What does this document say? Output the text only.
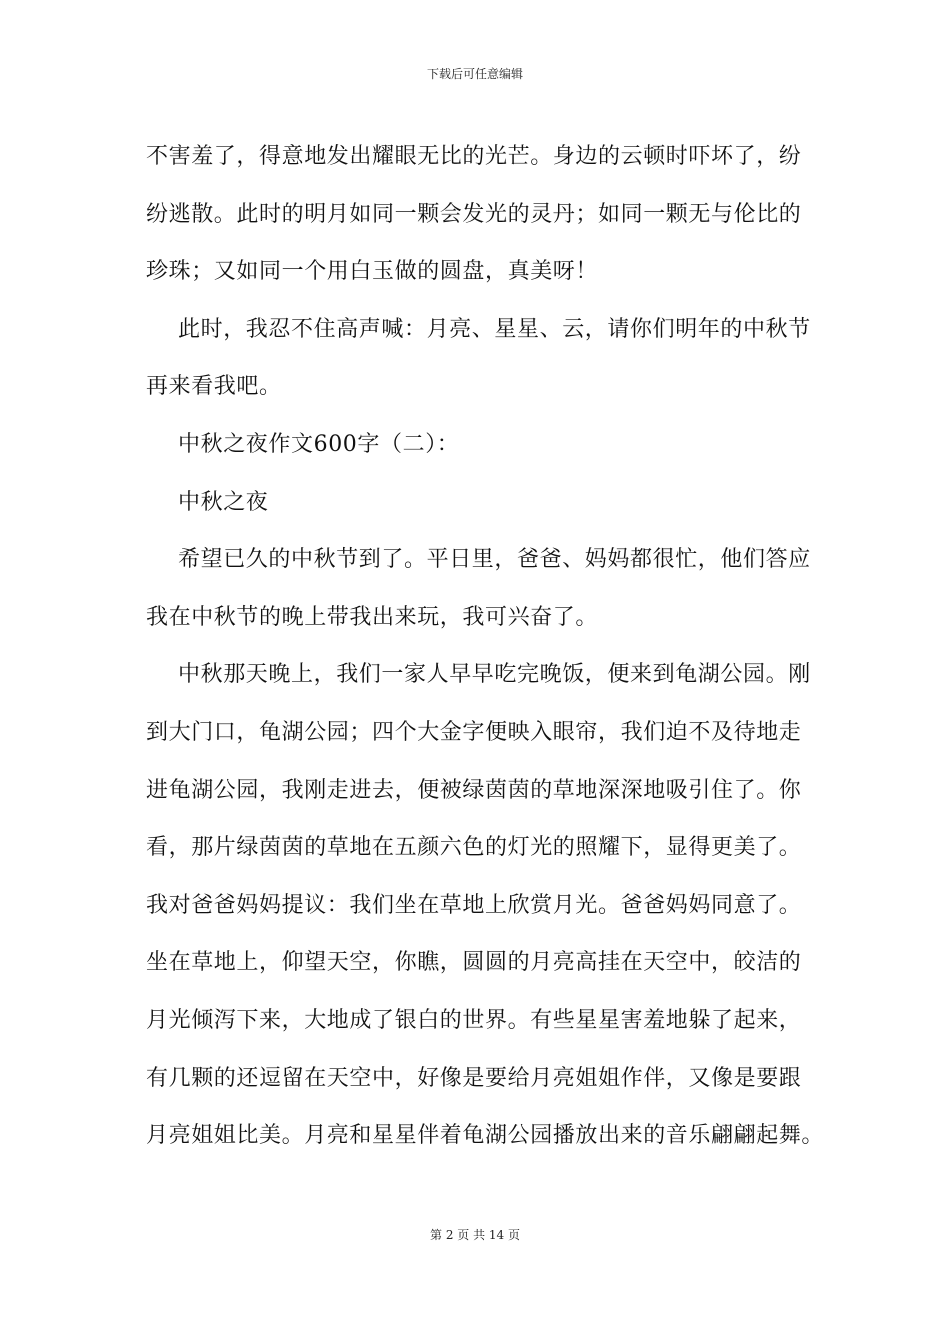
下载后可任意编辑
不害羞了，得意地发出耀眼无比的光芒。身边的云顿时吓坏了，纷
纷逃散。此时的明月如同一颗会发光的灵丹；如同一颗无与伦比的
珍珠；又如同一个用白玉做的圆盘，真美呀！
此时，我忍不住高声喊：月亮、星星、云，请你们明年的中秋节
再来看我吧。
中秋之夜作文600字（二）：
中秋之夜
希望已久的中秋节到了。平日里，爸爸、妈妈都很忙，他们答应
我在中秋节的晚上带我出来玩，我可兴奋了。
中秋那天晚上，我们一家人早早吃完晚饭，便来到龟湖公园。刚
到大门口，龟湖公园；四个大金字便映入眼帘，我们迫不及待地走
进龟湖公园，我刚走进去，便被绿茵茵的草地深深地吸引住了。你
看，那片绿茵茵的草地在五颜六色的灯光的照耀下，显得更美了。
我对爸爸妈妈提议：我们坐在草地上欣赏月光。爸爸妈妈同意了。
坐在草地上，仰望天空，你瞧，圆圆的月亮高挂在天空中，皎洁的
月光倾泻下来，大地成了银白的世界。有些星星害羞地躲了起来，
有几颗的还逗留在天空中，好像是要给月亮姐姐作伴，又像是要跟
月亮姐姐比美。月亮和星星伴着龟湖公园播放出来的音乐翩翩起舞。
第 2 页 共 14 页
